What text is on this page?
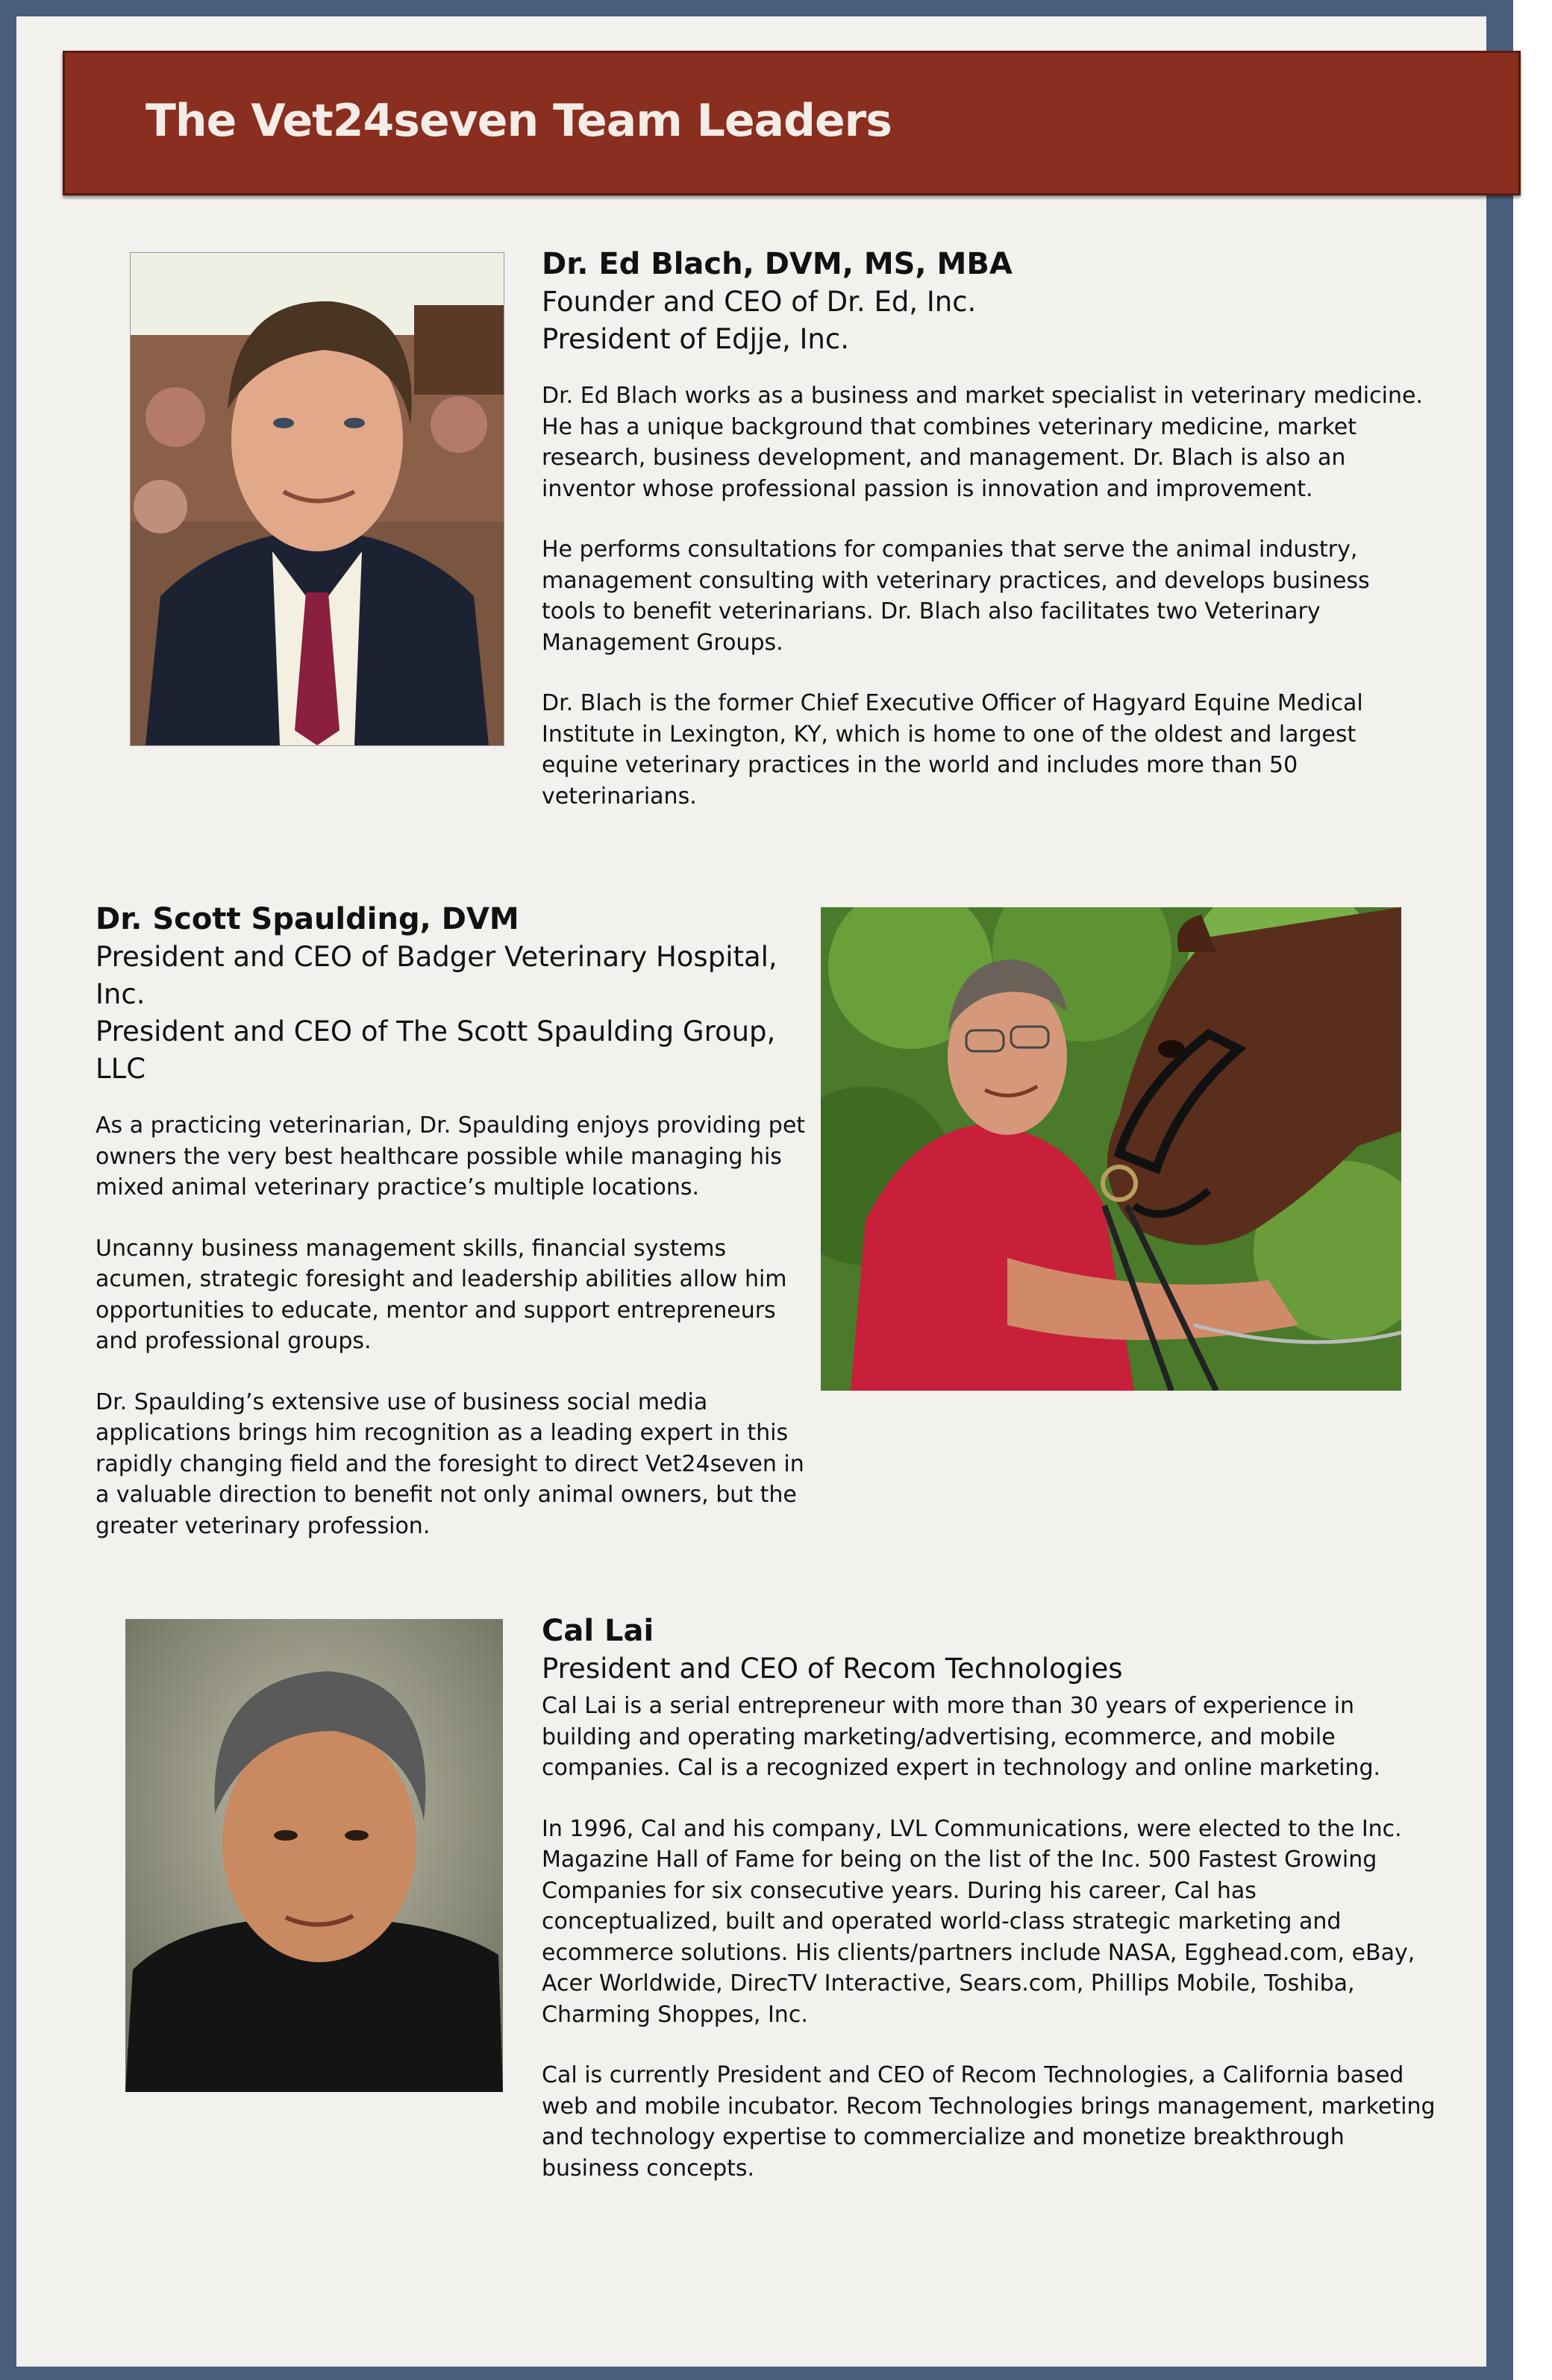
The Vet24seven Team Leaders

Dr. Ed Blach, DVM, MS, MBA

Founder and CEO of Dr. Ed, Inc.

President of Edjje, Inc.

Dr. Ed Blach works as a business and market specialist in veterinary medicine. He has a unique background that combines veterinary medicine, market research, business development, and management. Dr. Blach is also an inventor whose professional passion is innovation and improvement.

He performs consultations for companies that serve the animal industry, management consulting with veterinary practices, and develops business tools to benefit veterinarians. Dr. Blach also facilitates two Veterinary Management Groups.

Dr. Blach is the former Chief Executive Officer of Hagyard Equine Medical Institute in Lexington, KY, which is home to one of the oldest and largest equine veterinary practices in the world and includes more than 50 veterinarians.

Dr. Scott Spaulding, DVM

President and CEO of Badger Veterinary Hospital, Inc.

President and CEO of The Scott Spaulding Group, LLC

As a practicing veterinarian, Dr. Spaulding enjoys providing pet owners the very best healthcare possible while managing his mixed animal veterinary practice’s multiple locations.

Uncanny business management skills, financial systems acumen, strategic foresight and leadership abilities allow him opportunities to educate, mentor and support entrepreneurs and professional groups.

Dr. Spaulding’s extensive use of business social media applications brings him recognition as a leading expert in this rapidly changing field and the foresight to direct Vet24seven in a valuable direction to benefit not only animal owners, but the greater veterinary profession.

Cal Lai

President and CEO of Recom Technologies

Cal Lai is a serial entrepreneur with more than 30 years of experience in building and operating marketing/advertising, ecommerce, and mobile companies. Cal is a recognized expert in technology and online marketing.

In 1996, Cal and his company, LVL Communications, were elected to the Inc. Magazine Hall of Fame for being on the list of the Inc. 500 Fastest Growing Companies for six consecutive years. During his career, Cal has conceptualized, built and operated world-class strategic marketing and ecommerce solutions. His clients/partners include NASA, Egghead.com, eBay, Acer Worldwide, DirecTV Interactive, Sears.com, Phillips Mobile, Toshiba, Charming Shoppes, Inc.

Cal is currently President and CEO of Recom Technologies, a California based web and mobile incubator. Recom Technologies brings management, marketing and technology expertise to commercialize and monetize breakthrough business concepts.
